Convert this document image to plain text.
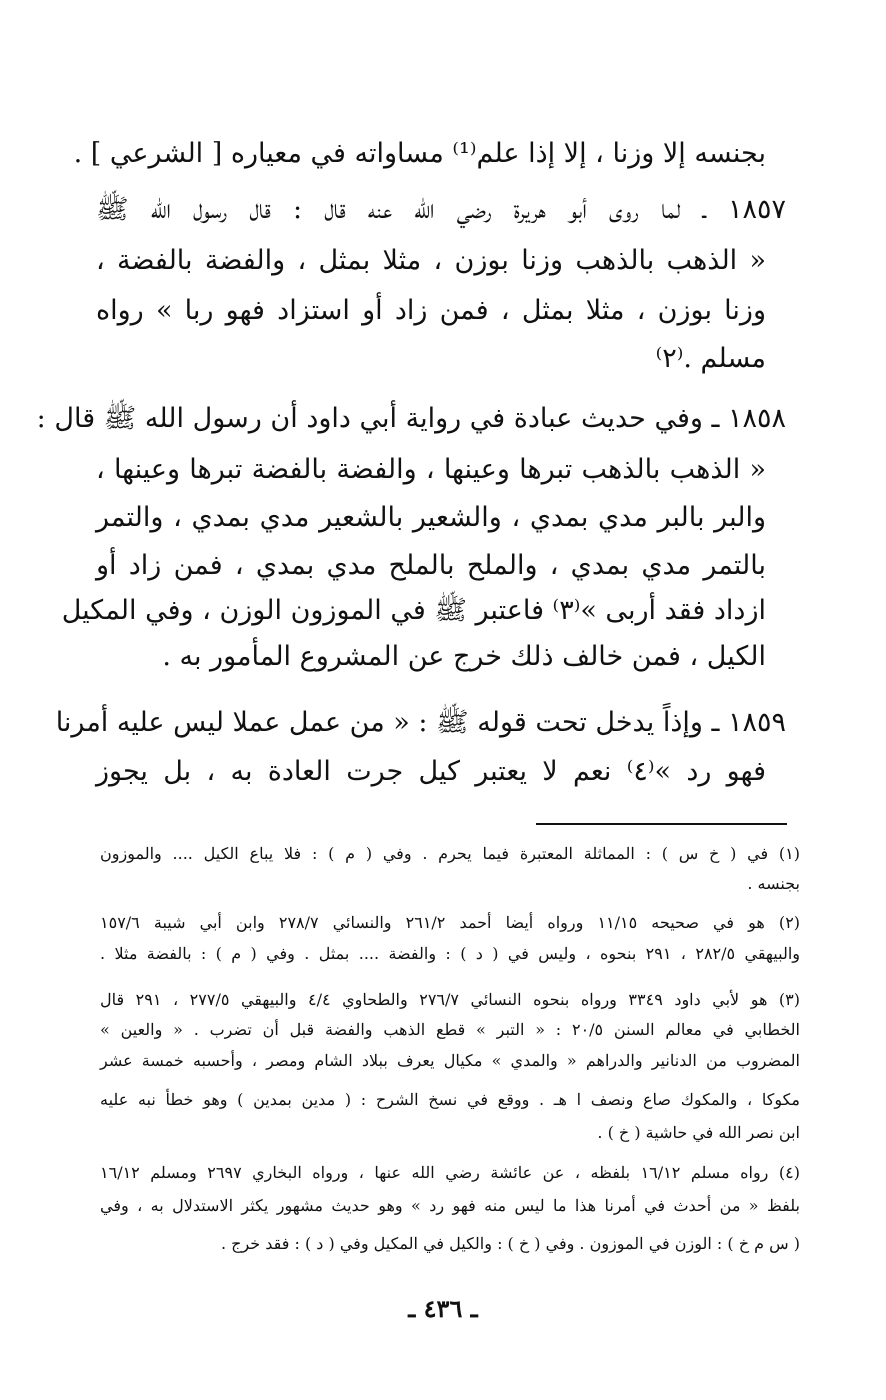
بجنسه إلا وزنا ، إلا إذا علم⁽¹⁾ مساواته في معياره [ الشرعي ] .
١٨٥٧ ـ لما روى أبو هريرة رضي الله عنه قال : قال رسول الله ﷺ
« الذهب بالذهب وزنا بوزن ، مثلا بمثل ، والفضة بالفضة ،
وزنا بوزن ، مثلا بمثل ، فمن زاد أو استزاد فهو ربا » رواه
مسلم .⁽٢⁾
١٨٥٨ ـ وفي حديث عبادة في رواية أبي داود أن رسول الله ﷺ قال :
« الذهب بالذهب تبرها وعينها ، والفضة بالفضة تبرها وعينها ،
والبر بالبر مدي بمدي ، والشعير بالشعير مدي بمدي ، والتمر
بالتمر مدي بمدي ، والملح بالملح مدي بمدي ، فمن زاد أو
ازداد فقد أربى »⁽٣⁾ فاعتبر ﷺ في الموزون الوزن ، وفي المكيل
الكيل ، فمن خالف ذلك خرج عن المشروع المأمور به .
١٨٥٩ ـ وإذاً يدخل تحت قوله ﷺ : « من عمل عملا ليس عليه أمرنا
فهو رد »⁽٤⁾ نعم لا يعتبر كيل جرت العادة به ، بل يجوز
(١) في ( خ س ) : المماثلة المعتبرة فيما يحرم . وفي ( م ) : فلا يباع الكيل .... والموزون
بجنسه .
(٢) هو في صحيحه ١١/١٥ ورواه أيضا أحمد ٢٦١/٢ والنسائي ٢٧٨/٧ وابن أبي شيبة ١٥٧/٦
والبيهقي ٢٨٢/٥ ، ٢٩١ بنحوه ، وليس في ( د ) : والفضة .... بمثل . وفي ( م ) : بالفضة مثلا .
(٣) هو لأبي داود ٣٣٤٩ ورواه بنحوه النسائي ٢٧٦/٧ والطحاوي ٤/٤ والبيهقي ٢٧٧/٥ ، ٢٩١ قال
الخطابي في معالم السنن ٢٠/٥ : « التبر » قطع الذهب والفضة قبل أن تضرب . « والعين »
المضروب من الدنانير والدراهم « والمدي » مكيال يعرف ببلاد الشام ومصر ، وأحسبه خمسة عشر
مكوكا ، والمكوك صاع ونصف ا هـ . ووقع في نسخ الشرح : ( مدين بمدين ) وهو خطأ نبه عليه
ابن نصر الله في حاشية ( خ ) .
(٤) رواه مسلم ١٦/١٢ بلفظه ، عن عائشة رضي الله عنها ، ورواه البخاري ٢٦٩٧ ومسلم ١٦/١٢
بلفظ « من أحدث في أمرنا هذا ما ليس منه فهو رد » وهو حديث مشهور يكثر الاستدلال به ، وفي
( س م خ ) : الوزن في الموزون . وفي ( خ ) : والكيل في المكيل وفي ( د ) : فقد خرج .
ـ ٤٣٦ ـ
